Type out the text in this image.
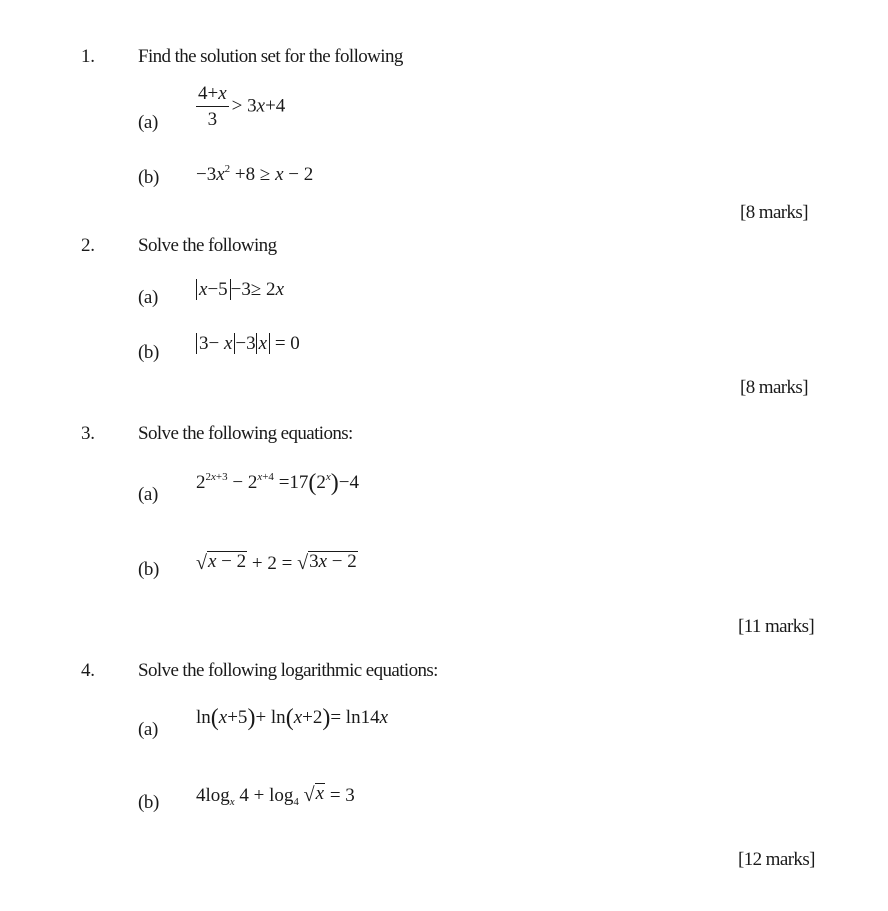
1. Find the solution set for the following
$(a) \frac{4+x}{3} > 3x+4$
$(b) -3x^2 +8 \ge x - 2$
[8 marks]
2. Solve the following
(a) x−5 −3≥ 2x
(b) 3− x −3 x = 0
[8 marks]
3. Solve the following equations:
(a)
$2^{2x+3} - 2^{x+4} =17(2^x)-4$
(b) √ x − 2 + 2 = √ 3x − 2
[11 marks]
4. Solve the following logarithmic equations:
(a)
ln(x+5)+ ln(x+2)= ln14x
(b) $4\log_x$ $4 + \log_4$ √ x = 3
[12 marks]
